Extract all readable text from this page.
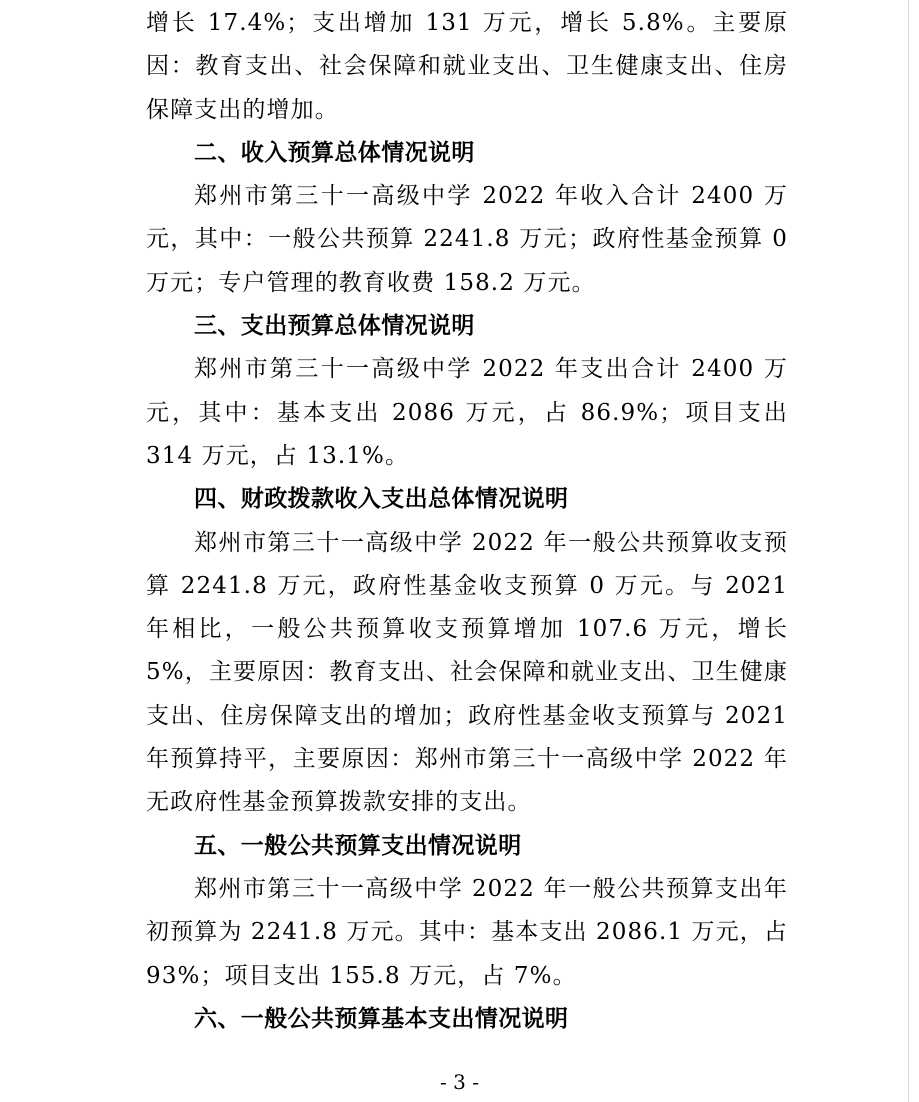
增长 17.4%；支出增加 131 万元，增长 5.8%。主要原因：教育支出、社会保障和就业支出、卫生健康支出、住房保障支出的增加。

二、收入预算总体情况说明

郑州市第三十一高级中学 2022 年收入合计 2400 万元，其中：一般公共预算 2241.8 万元；政府性基金预算 0 万元；专户管理的教育收费 158.2 万元。

三、支出预算总体情况说明

郑州市第三十一高级中学 2022 年支出合计 2400 万元，其中：基本支出 2086 万元，占 86.9%；项目支出 314 万元，占 13.1%。

四、财政拨款收入支出总体情况说明

郑州市第三十一高级中学 2022 年一般公共预算收支预算 2241.8 万元，政府性基金收支预算 0 万元。与 2021 年相比，一般公共预算收支预算增加 107.6 万元，增长 5%，主要原因：教育支出、社会保障和就业支出、卫生健康支出、住房保障支出的增加；政府性基金收支预算与 2021 年预算持平，主要原因：郑州市第三十一高级中学 2022 年无政府性基金预算拨款安排的支出。

五、一般公共预算支出情况说明

郑州市第三十一高级中学 2022 年一般公共预算支出年初预算为 2241.8 万元。其中：基本支出 2086.1 万元，占 93%；项目支出 155.8 万元，占 7%。

六、一般公共预算基本支出情况说明

- 3 -
